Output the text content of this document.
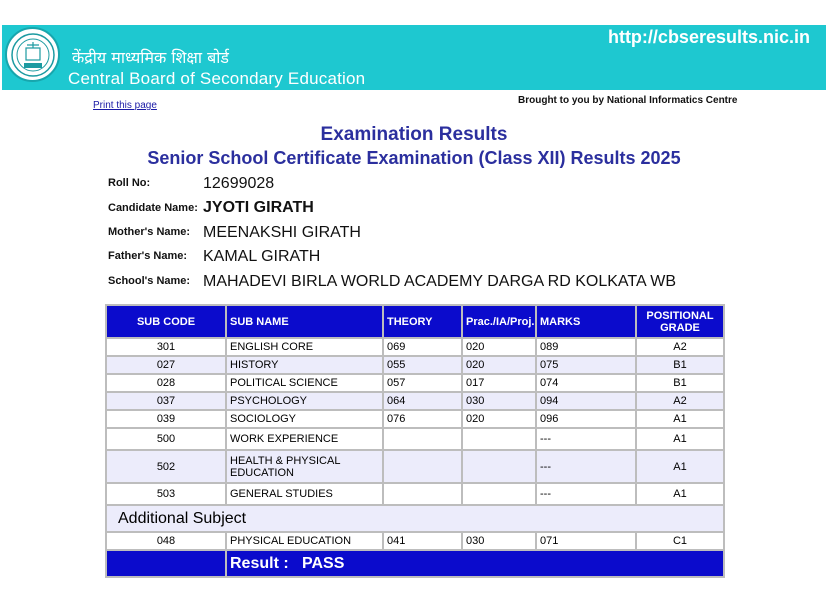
केंद्रीय माध्यमिक शिक्षा बोर्ड
Central Board of Secondary Education
http://cbseresults.nic.in
Print this page	Brought to you by National Informatics Centre
Examination Results
Senior School Certificate Examination (Class XII) Results 2025
Roll No:	12699028
Candidate Name: JYOTI GIRATH
Mother's Name: MEENAKSHI GIRATH
Father's Name: KAMAL GIRATH
School's Name: MAHADEVI BIRLA WORLD ACADEMY DARGA RD KOLKATA WB
SUB CODE	SUB NAME	THEORY	Prac./IA/Proj.	MARKS	POSITIONAL GRADE
301	ENGLISH CORE	069	020	089	A2
027	HISTORY	055	020	075	B1
028	POLITICAL SCIENCE	057	017	074	B1
037	PSYCHOLOGY	064	030	094	A2
039	SOCIOLOGY	076	020	096	A1
500	WORK EXPERIENCE			---	A1
502	HEALTH & PHYSICAL EDUCATION			---	A1
503	GENERAL STUDIES			---	A1
Additional Subject					
048	PHYSICAL EDUCATION	041	030	071	C1
	Result : PASS				
